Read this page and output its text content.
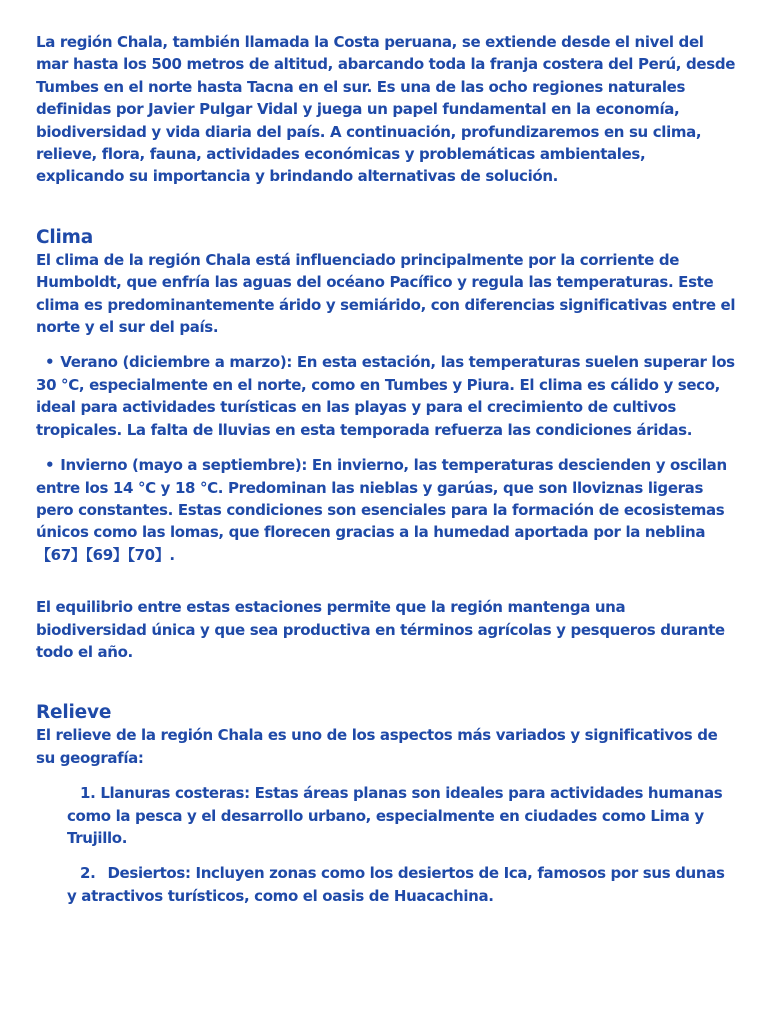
La región Chala, también llamada la Costa peruana, se extiende desde el nivel del mar hasta los 500 metros de altitud, abarcando toda la franja costera del Perú, desde Tumbes en el norte hasta Tacna en el sur. Es una de las ocho regiones naturales definidas por Javier Pulgar Vidal y juega un papel fundamental en la economía, biodiversidad y vida diaria del país. A continuación, profundizaremos en su clima, relieve, flora, fauna, actividades económicas y problemáticas ambientales, explicando su importancia y brindando alternativas de solución.

Clima

El clima de la región Chala está influenciado principalmente por la corriente de Humboldt, que enfría las aguas del océano Pacífico y regula las temperaturas. Este clima es predominantemente árido y semiárido, con diferencias significativas entre el norte y el sur del país.

• Verano (diciembre a marzo): En esta estación, las temperaturas suelen superar los 30 °C, especialmente en el norte, como en Tumbes y Piura. El clima es cálido y seco, ideal para actividades turísticas en las playas y para el crecimiento de cultivos tropicales. La falta de lluvias en esta temporada refuerza las condiciones áridas.

• Invierno (mayo a septiembre): En invierno, las temperaturas descienden y oscilan entre los 14 °C y 18 °C. Predominan las nieblas y garúas, que son lloviznas ligeras pero constantes. Estas condiciones son esenciales para la formación de ecosistemas únicos como las lomas, que florecen gracias a la humedad aportada por la neblina 【67】【69】【70】.

El equilibrio entre estas estaciones permite que la región mantenga una biodiversidad única y que sea productiva en términos agrícolas y pesqueros durante todo el año.

Relieve

El relieve de la región Chala es uno de los aspectos más variados y significativos de su geografía:

1. Llanuras costeras: Estas áreas planas son ideales para actividades humanas como la pesca y el desarrollo urbano, especialmente en ciudades como Lima y Trujillo.

2. Desiertos: Incluyen zonas como los desiertos de Ica, famosos por sus dunas y atractivos turísticos, como el oasis de Huacachina.
